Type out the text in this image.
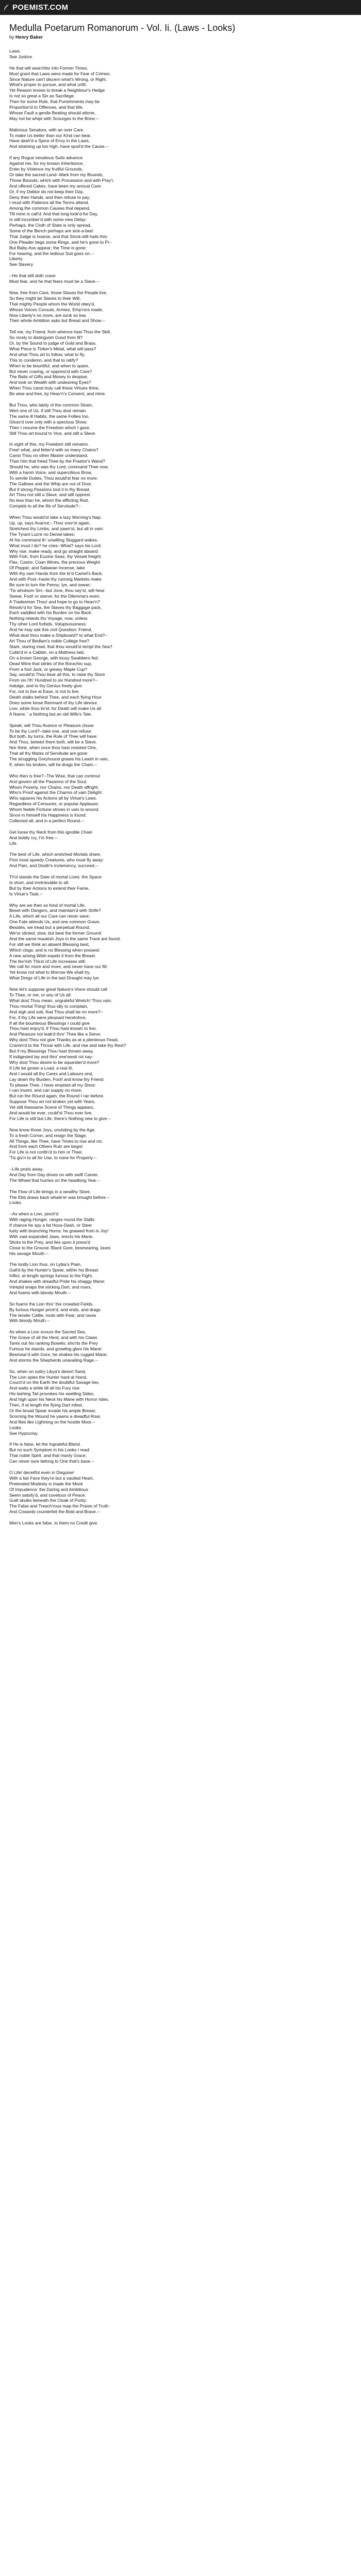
POEMIST.COM
Medulla Poetarum Romanorum - Vol. Ii. (Laws - Looks)
by Henry Baker

Laws.
See Justice.

He that will searchfar into Former Times,
Must grant that Laws were made for Fear of Crimes:
Since Nature can't discern what's Wrong, or Right,
What's proper to pursue, and what unfit:
Yet Reason knows to break a Neighbour's Hedge
Is not so great a Sin as Sacrilege.
Then for some Rule, that Punishments may be
Proportion'd to Offences, and that We,
Whose Fault a gentle Beating should attone,
May not be whipt with Scourges to the Bone.--

Malicious Senators, with an over Care
To make Us better than our Kind can bear,
Have dash'd a Spice of Envy in the Laws,
And straining up too high, have spoil'd the Cause.--

If any Rogue vexatious Suits advance
Against me, for my known Inheritance,
Enter by Violence my fruitful Grounds,
Or take the sacred Land--Mark from my Bounds;
Those Bounds, which with Procession and with Pray'r,
And offered Cakes, have been my annual Care:
Or, if my Debtor do not keep their Day,
Deny their Hands, and then refuse to pay;
I must with Patience all the Terms attend,
Among the common Causes that depend,
Till mine is call'd: And that long-look'd-for Day,
Is still incumber'd with some new Delay:
Perhaps, the Cloth of State is only spread,
Some of the Bench perhaps are sick-a-bed:
That Judge is hoarse, and that Stock-still hails this:
One Pleader begs some Rings, and he's gone to Pi--
But Baby-Ass appear; the Time is gone:
For hearing, and the tedious Suit goes on.--
Liberty.
See Slavery.

--He that still doth crave
Must fear, and he that fears must be a Slave.--

Now, free from Care, those Slaves the People live,
So they might be Slaves to their Will,
That mighty People whom the World obey'd,
Whose Voices Consuls, Armies, Emp'rors made,
Now Liberty's no more, are sunk so low,
Their whole Ambition asks but Bread and Show.--

Tell me, my Friend, from whence hast Thou the Skill,
So nicely to distinguish Good from Ill?
Or, by the Sound to judge of Gold and Brass,
What Piece is Tinker's Metal, what will pass?
And what Thou art to follow, what to fly,
This to condemn, and that to ratify?
When to be bountiful, and when to spare,
But never craving, or oppress'd with Care?
The Baits of Gifts and Money to despise,
And look on Wealth with undesiring Eyes?
When Thou canst truly call these Virtues thine,
Be wise and free, by Heav'n's Consent, and mine.

But Thou, who lately of the common Strain,
Wert one of Us, if still Thou dost remain
The same ill Habits, the same Follies too,
Gloss'd over only with a specious Show:
Then I resume the Freedom which I gave,
Still Thou art bound to Vice, and still a Slave.

In sight of this, my Freedom still remains.
Free! what, and fetter'd with so many Chains?
Canst Thou no other Master understand,
Than him that freed Thee by the Praetor's Wand?
Should he, who was thy Lord, command Thee now,
With a harsh Voice, and supercilious Brow,
To servile Duties, Thou would'st fear no more:
The Gallows and the Whip are out of Door.
But if strong Passions lord it in thy Breast,
Art Thou not still a Slave, and still opprest.
No less than he, whom the afflicting Rod,
Compels to all the Ills of Servitude?--

When Thou would'st take a lazy Morning's Nap;
Up, up, says Avarice;--Thou snor'st again,
Stretchest thy Limbs, and yawn'st, but all in vain:
The Tyrant Lucre no Denial takes;
At his command th' unwilling Sluggard wakes.
What must I do? he cries--What? says his Lord:
Why rise, make ready, and go straight aboard:
With Fish, from Euxine Seas, thy Vessel freight;
Flax, Castor, Coan Wines, the precious Weight
Of Pepper, and Sabaean Incense, take
With thy own Hands from the tir'd Camel's Back;
And with Post--haste thy running Markets make.
Be sure to turn the Penny; lye, and swear;
'Tis wholsom Sin:--but Jove, thou say'st, will hear:
Swear, Fool! or starve: for the Dilemma's even:
A Tradesman Thou! and hope to go to Heav'n?
Resolv'd for Sea, the Slaves thy Baggage pack,
Each saddled with his Burden on his Back:
Nothing retards thy Voyage, now, unless
Thy other Lord forbids, Voluptuousness:
And he may ask this civil Question: Friend,
What dost thou make a Shipboard? to what End?--
Art Thou of Bedlam's noble College free?
Stark, staring mad, that thou would'st tempt the Sea?
Cubb'd in a Cabbin, on a Mattress laid,
On a brown George, with lousy Swabbers fed;
Dead Wine that stinks of the Borachio sup,
From a foul Jack, or greasy Maple Cup?
Say, would'st Thou bear all this, to raise thy Store
From six i'th' Hundred to six Hundred more?--
Indulge, and to thy Genius freely give:
For, not to live at Ease, is not to live.
Death stalks behind Thee, and each flying Hour
Does some loose Remnant of thy Life devour.
Live, while thou liv'st; for Death will make Us all
A Name, ' a Nothing but an old Wife's Tale.

Speak; wilt Thou Avarice or Pleasure chuse
To be thy Lord?--take one, and one refuse.
But both, by turns, the Rule of Thee will have:
And Thou, betwixt them both, wilt be a Slave.
Nor think, when once thou hast resisted One,
That all thy Marks of Servitude are gone:
The struggling Greyhound gnaws his Leash in vain,
If, when his broken, will he drags the Chain.--

Who then is free?--The Wise, that can controul
And govern all the Passions of the Soul;
Whom Poverty, nor Chains, nor Death affright;
Who's Proof against the Charms of vain Delight:
Who squares his Actions all by Virtue's Laws,
Regardless of Censures, or popular Applause;
Whom feeble Fortune strives in vain to wound,
Since in himself his Happiness is found:
Collected all, and in a perfect Round.--

Get loose thy Neck from this ignoble Chain
And boldly cry, I'm free.--
Life.

The best of Life, which wretched Mortals share,
First most speedy Creatures, who must fly away:
And Pain, and Death's inclemency, succeed.--

Th'd stands the Date of mortal Lives: the Space
Is short, and irretrievable to all:
But by their Actions to extend their Fame,
Is Virtue's Task.--

Why are we then so fond of mortal Life,
Beset with Dangers, and maintain'd with Strife?
A Life, which all our Care can never save;
One Fate attends Us, and one common Grave.
Besides, we tread but a perpetual Round;
We're stinted, slow, but beat the former Ground:
And the same maukish Joys in the same Track are found.
For still we think an absent Blessing best,
Which clogs, and is no Blessing when possest:
A new arising Wish expels it from the Breast.
The fev'rish Thirst of Life increases still:
We call for more and more, and never have our fill:
Yet know not what to Morrow We shall try,
What Dregs of Life in the last Draught may lye.

Now let's suppose great Nature's Voice should call
To Thee, or me, or any of Us all:
What dost Thou mean, ungrateful Wretch! Thou vain,
Thou mortal Thing! thus idly to complain,
And sigh and sob, that Thou shalt be no more?--
For, if thy Life were pleasant heretofore,
If all the bounteous Blessings I could give
Thou hast enjoy'd, if Thou hast known to live,
And Pleasure not leak'd thro' Thee like a Sieve;
Why dost Thou not give Thanks as at a plenteous Feast,
Cramm'd to the Throat with Life, and rise and take thy Rest?
But if my Blessings Thou hast thrown away,
If indigested lay and thro' ene'westi rot nay:
Why dost Thou desire to be squander'd more?
If Life be grown a Load, a real Ill,
And I would all thy Cares and Labours end,
Lay down thy Burden, Fool! and know thy Friend.
To please Thee, I have emptied all my Store:
I can invent, and can supply no more;
But run the Round again, the Round I ran before.
Suppose Thou art not broken yet with Years,
Yet still thessame Scene of Things appears,
And would be ever, could'st Thou ever live;
For Life is still but Life, there's Nothing new to give.--

Now know those Joys, unvisiting by the Age,
To a fresh Corner, and resign the Stage.
All Things, like Thee, have Times to rise and rot,
And from each Others Ruin are begot:
For Life is not confin'd to him or Thee;
'Tis giv'n to all for Use, to none for Property.--

--Life posts away,
And Day from Day drives on with swift Career,
The Wheel that hurries on the headlong Year.--

The Flow of Life brings in a wealthy Store.
The Ebb draws back whate'er was brought before.--
Looks.

--As when a Lion, pinch'd
With raging Hunger, ranges round the Stalls:
If chance he spy a fat Hous-Dash, or Steer
lusty with branching Horns: he gnawed from in Joy!
With vast expanded Jaws, erects his Mane,
Sticks to the Prey, and lies upon it press'd
Close to the Ground. Black Gore, besmearing, laves
His savage Mouth.--

The lordly Lion thus, on Lybia's Plain,
Gall'd by the Hunter's Spear, within his Breast:
Inflict, at length springs furious to the Fight,
And shakes with dreadful Pride his shaggy Mane:
Intrepid snaps the sticking Dart, and roars,
And foams with bloody Mouth.--

So foams the Lion thro' the crowded Fields,
By furious Hunger prick'd, and ends, and drags
The tender Cattle, mute with Fear; and raves
With bloody Mouth.--

As when a Lion scours the Sacred Sea,
The Grave of all the Herd, and with his Claws
Tares out his ranking Bowels: sho'rts the Prey
Furious he stands, and growling glars his Mane:
Besmear'd with Gore, he shakes his rugged Mane;
And storms the Shepherds unavailing Rage.--

So, when on sultry Libya's desert Sand,
The Lion spies the Hunter hard at Hand,
Couch'd on the Earth the doubtful Savage lies,
And waits a while till all his Fury rise:
His lashing Tail provokes his swelling Sides,
And high upon his Neck his Mane with Horror rides.
Then, if at length the flying Dart infest,
Or the broad Spear invade his ample Breast,
Scorning the Wound he yawns a dreadful Roar,
And flies like Lightning on the hostile Moor.--
Looks.
See Hypocrisy.

If He is false, let the Ingrateful Blend.
But no such Symptom in his Looks I read:
That noble Spirit, and that manly Grace,
Can never sure belong to One that's base.--

O Life! deceitful even in Disguise!
With a fair Face they're but a vaulted Heart,
Pretended Modesty is made the Mock
Of Impudence: the Daring and Ambitious
Seem satisfy'd, and covetous of Peace:
Guilt skulks beneath the Cloak of Purity:
The False and Treach'rous reap the Praise of Truth:
And Cowards counterfeit the Bold and Brave.--

Men's Looks are false, to them no Credit give.
